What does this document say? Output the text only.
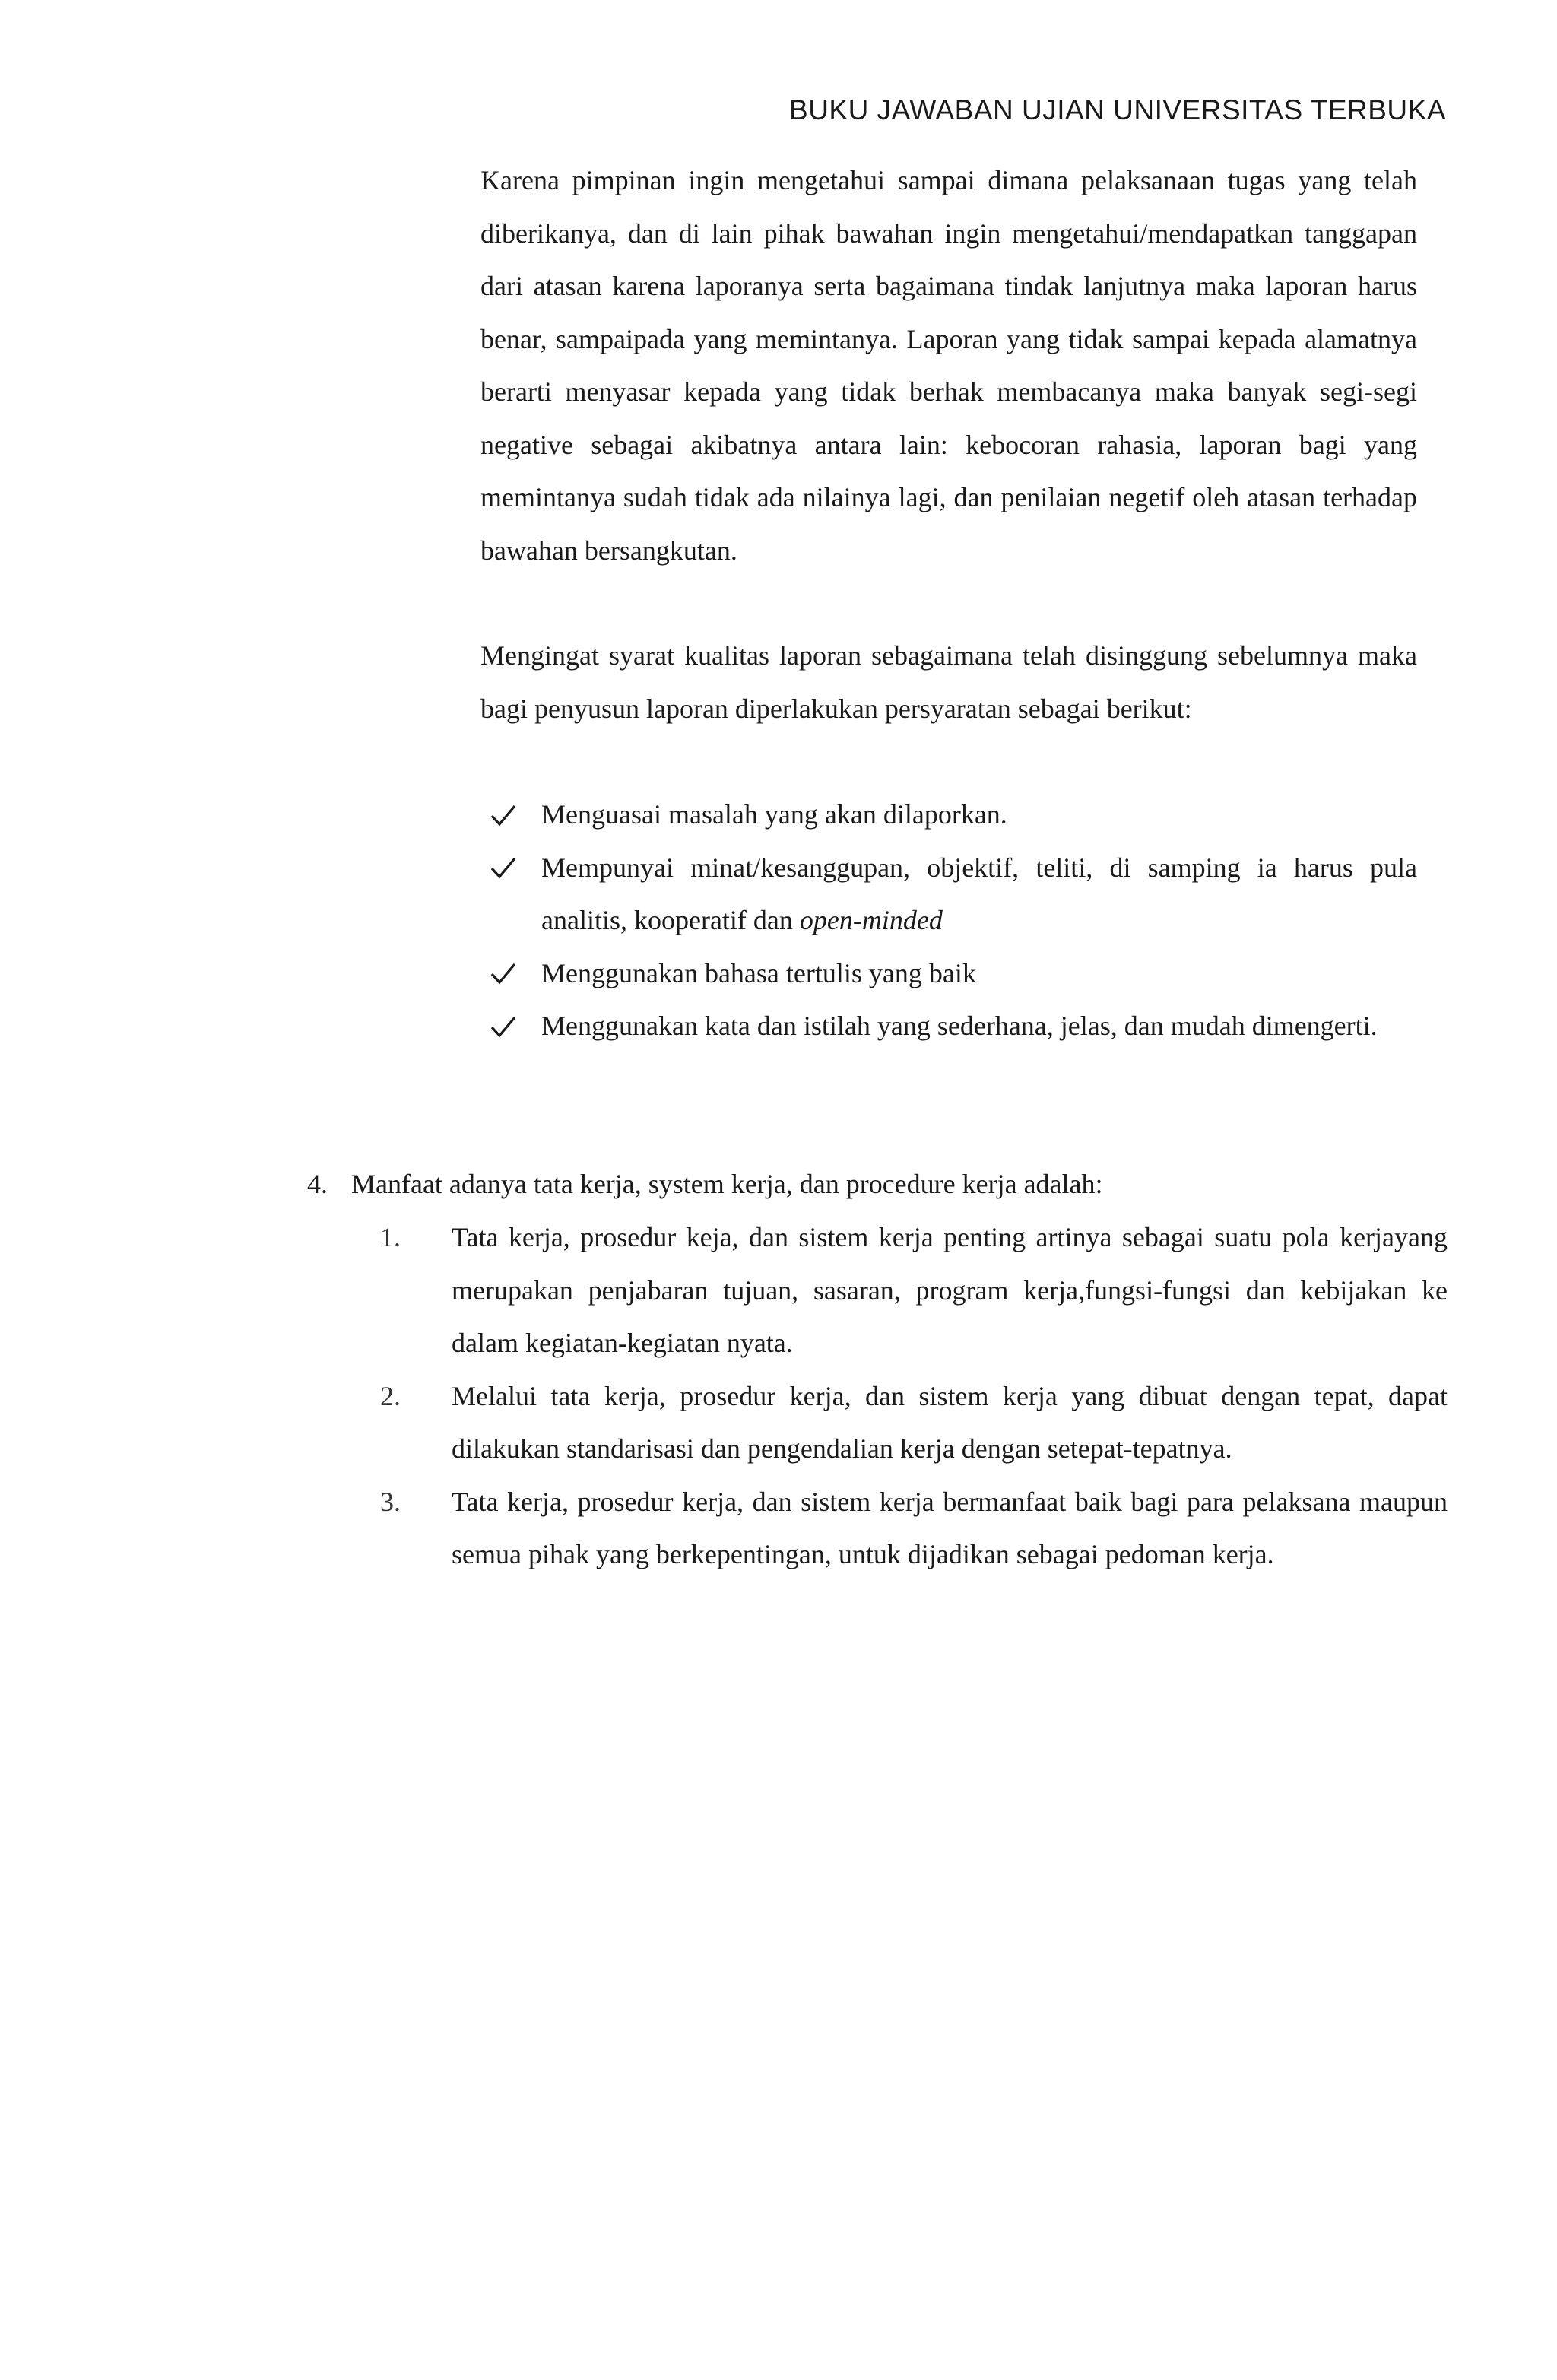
BUKU JAWABAN UJIAN UNIVERSITAS TERBUKA
Karena pimpinan ingin mengetahui sampai dimana pelaksanaan tugas yang telah diberikanya, dan di lain pihak bawahan ingin mengetahui/mendapatkan tanggapan dari atasan karena laporanya serta bagaimana tindak lanjutnya maka laporan harus benar, sampaipada yang memintanya. Laporan yang tidak sampai kepada alamatnya berarti menyasar kepada yang tidak berhak membacanya maka banyak segi-segi negative sebagai akibatnya antara lain: kebocoran rahasia, laporan bagi yang memintanya sudah tidak ada nilainya lagi, dan penilaian negetif oleh atasan terhadap bawahan bersangkutan.
Mengingat syarat kualitas laporan sebagaimana telah disinggung sebelumnya maka bagi penyusun laporan diperlakukan persyaratan sebagai berikut:
Menguasai masalah yang akan dilaporkan.
Mempunyai minat/kesanggupan, objektif, teliti, di samping ia harus pula analitis, kooperatif dan open-minded
Menggunakan bahasa tertulis yang baik
Menggunakan kata dan istilah yang sederhana, jelas, dan mudah dimengerti.
4. Manfaat adanya tata kerja, system kerja, dan procedure kerja adalah:
1. Tata kerja, prosedur keja, dan sistem kerja penting artinya sebagai suatu pola kerjayang merupakan penjabaran tujuan, sasaran, program kerja,fungsi-fungsi dan kebijakan ke dalam kegiatan-kegiatan nyata.
2. Melalui tata kerja, prosedur kerja, dan sistem kerja yang dibuat dengan tepat, dapat dilakukan standarisasi dan pengendalian kerja dengan setepat-tepatnya.
3. Tata kerja, prosedur kerja, dan sistem kerja bermanfaat baik bagi para pelaksana maupun semua pihak yang berkepentingan, untuk dijadikan sebagai pedoman kerja.
